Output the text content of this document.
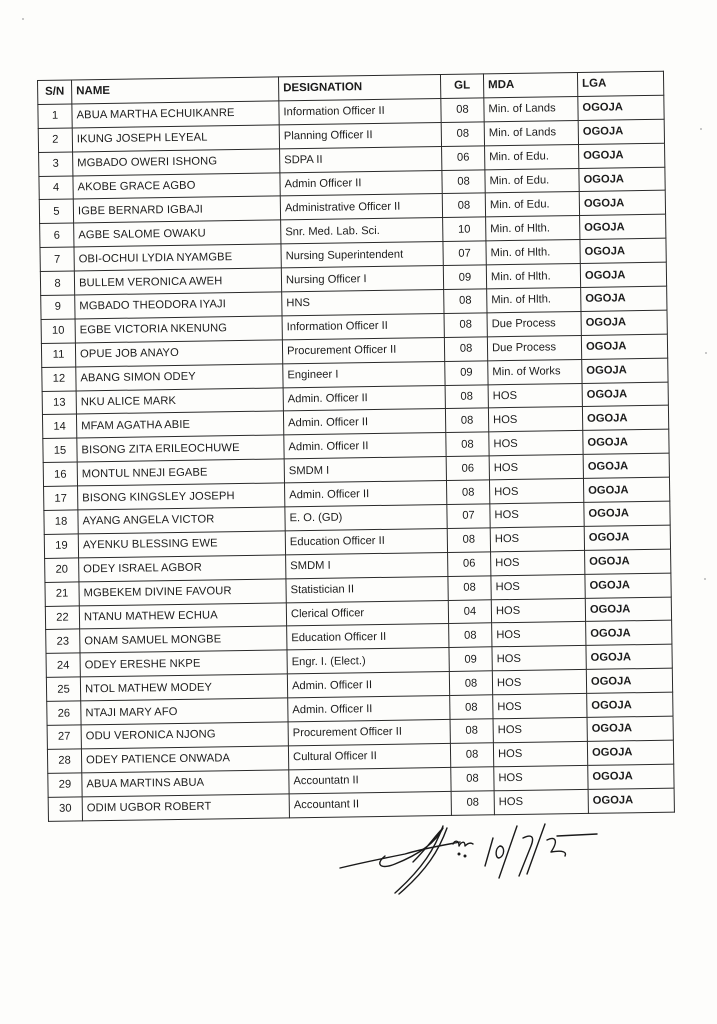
S/N	NAME	DESIGNATION	GL	MDA	LGA
1	ABUA MARTHA ECHUIKANRE	Information Officer II	08	Min. of Lands	OGOJA
2	IKUNG JOSEPH LEYEAL	Planning Officer II	08	Min. of Lands	OGOJA
3	MGBADO OWERI ISHONG	SDPA II	06	Min. of Edu.	OGOJA
4	AKOBE GRACE AGBO	Admin Officer II	08	Min. of Edu.	OGOJA
5	IGBE BERNARD IGBAJI	Administrative Officer II	08	Min. of Edu.	OGOJA
6	AGBE SALOME OWAKU	Snr. Med. Lab. Sci.	10	Min. of Hlth.	OGOJA
7	OBI-OCHUI LYDIA NYAMGBE	Nursing Superintendent	07	Min. of Hlth.	OGOJA
8	BULLEM VERONICA AWEH	Nursing Officer I	09	Min. of Hlth.	OGOJA
9	MGBADO THEODORA IYAJI	HNS	08	Min. of Hlth.	OGOJA
10	EGBE VICTORIA NKENUNG	Information Officer II	08	Due Process	OGOJA
11	OPUE JOB ANAYO	Procurement Officer II	08	Due Process	OGOJA
12	ABANG SIMON ODEY	Engineer I	09	Min. of Works	OGOJA
13	NKU ALICE MARK	Admin. Officer II	08	HOS	OGOJA
14	MFAM AGATHA ABIE	Admin. Officer II	08	HOS	OGOJA
15	BISONG ZITA ERILEOCHUWE	Admin. Officer II	08	HOS	OGOJA
16	MONTUL NNEJI EGABE	SMDM I	06	HOS	OGOJA
17	BISONG KINGSLEY JOSEPH	Admin. Officer II	08	HOS	OGOJA
18	AYANG ANGELA VICTOR	E. O. (GD)	07	HOS	OGOJA
19	AYENKU BLESSING EWE	Education Officer II	08	HOS	OGOJA
20	ODEY ISRAEL AGBOR	SMDM I	06	HOS	OGOJA
21	MGBEKEM DIVINE FAVOUR	Statistician II	08	HOS	OGOJA
22	NTANU MATHEW ECHUA	Clerical Officer	04	HOS	OGOJA
23	ONAM SAMUEL MONGBE	Education Officer II	08	HOS	OGOJA
24	ODEY ERESHE NKPE	Engr. I. (Elect.)	09	HOS	OGOJA
25	NTOL MATHEW MODEY	Admin. Officer II	08	HOS	OGOJA
26	NTAJI MARY AFO	Admin. Officer II	08	HOS	OGOJA
27	ODU VERONICA NJONG	Procurement Officer II	08	HOS	OGOJA
28	ODEY PATIENCE ONWADA	Cultural Officer II	08	HOS	OGOJA
29	ABUA MARTINS ABUA	Accountatn II	08	HOS	OGOJA
30	ODIM UGBOR ROBERT	Accountant II	08	HOS	OGOJA
